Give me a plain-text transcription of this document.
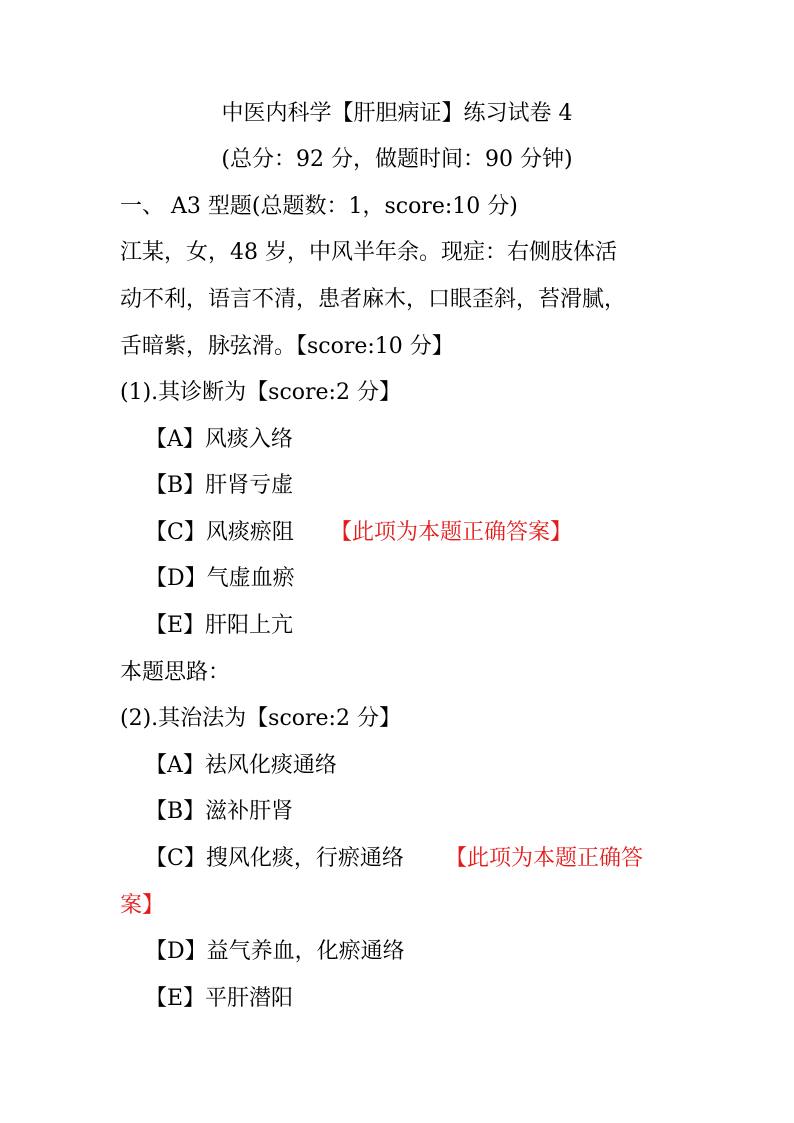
中医内科学【肝胆病证】练习试卷 4
(总分：92 分，做题时间：90 分钟)
一、 A3 型题(总题数：1，score:10 分)
江某，女，48 岁，中风半年余。现症：右侧肢体活
动不利，语言不清，患者麻木，口眼歪斜，苔滑腻，
舌暗紫，脉弦滑。【score:10 分】
(1).其诊断为【score:2 分】
【A】风痰入络
【B】肝肾亏虚
【C】风痰瘀阻 【此项为本题正确答案】
【D】气虚血瘀
【E】肝阳上亢
本题思路：
(2).其治法为【score:2 分】
【A】祛风化痰通络
【B】滋补肝肾
【C】搜风化痰，行瘀通络 【此项为本题正确答
案】
【D】益气养血，化瘀通络
【E】平肝潜阳
